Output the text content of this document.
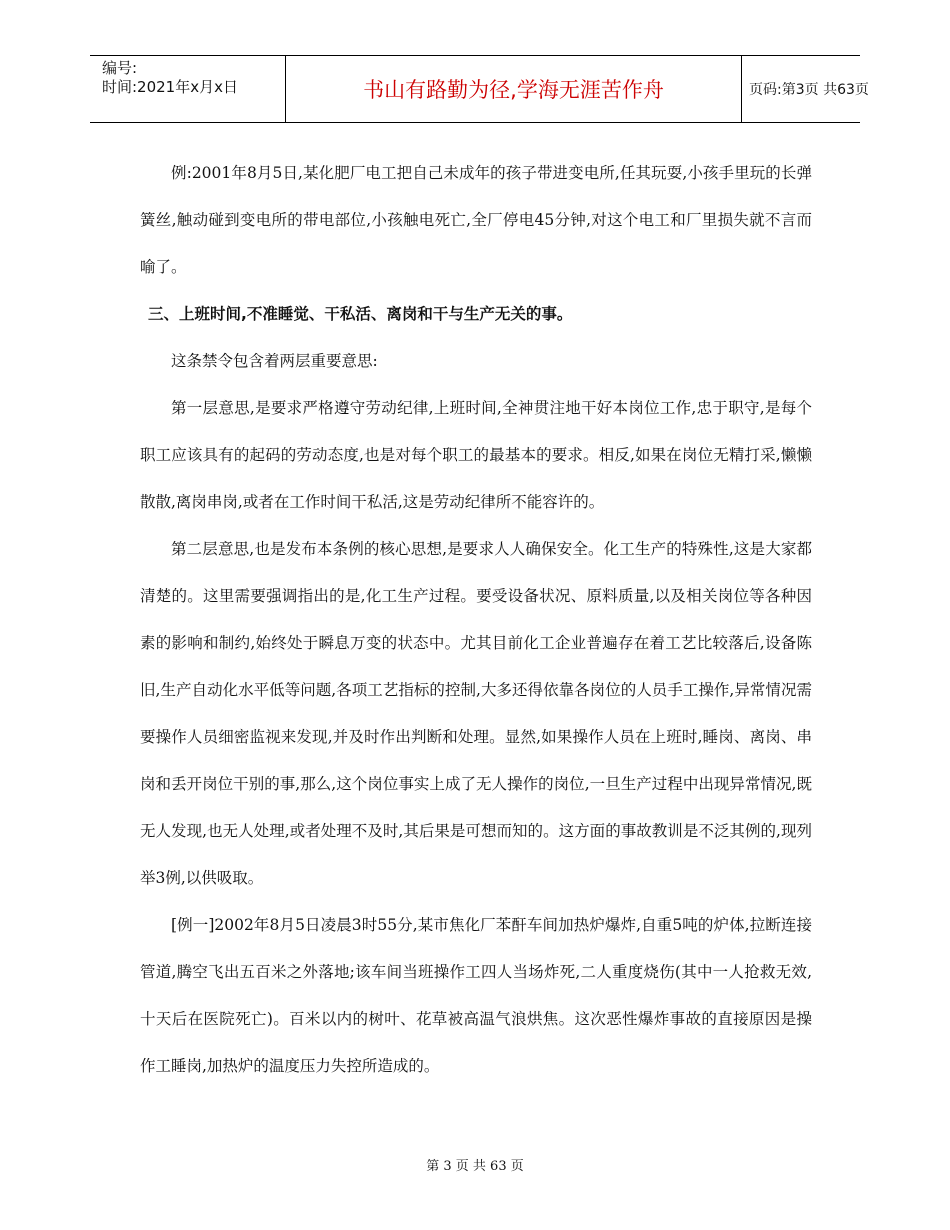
编号:
时间:2021年x月x日	书山有路勤为径,学海无涯苦作舟	页码:第3页 共63页

例:2001年8月5日,某化肥厂电工把自己未成年的孩子带进变电所,任其玩耍,小孩手里玩的长弹簧丝,触动碰到变电所的带电部位,小孩触电死亡,全厂停电45分钟,对这个电工和厂里损失就不言而喻了。

三、上班时间,不准睡觉、干私活、离岗和干与生产无关的事。

这条禁令包含着两层重要意思:

第一层意思,是要求严格遵守劳动纪律,上班时间,全神贯注地干好本岗位工作,忠于职守,是每个职工应该具有的起码的劳动态度,也是对每个职工的最基本的要求。相反,如果在岗位无精打采,懒懒散散,离岗串岗,或者在工作时间干私活,这是劳动纪律所不能容许的。

第二层意思,也是发布本条例的核心思想,是要求人人确保安全。化工生产的特殊性,这是大家都清楚的。这里需要强调指出的是,化工生产过程。要受设备状况、原料质量,以及相关岗位等各种因素的影响和制约,始终处于瞬息万变的状态中。尤其目前化工企业普遍存在着工艺比较落后,设备陈旧,生产自动化水平低等问题,各项工艺指标的控制,大多还得依靠各岗位的人员手工操作,异常情况需要操作人员细密监视来发现,并及时作出判断和处理。显然,如果操作人员在上班时,睡岗、离岗、串岗和丢开岗位干别的事,那么,这个岗位事实上成了无人操作的岗位,一旦生产过程中出现异常情况,既无人发现,也无人处理,或者处理不及时,其后果是可想而知的。这方面的事故教训是不泛其例的,现列举3例,以供吸取。

[例一]2002年8月5日凌晨3时55分,某市焦化厂苯酐车间加热炉爆炸,自重5吨的炉体,拉断连接管道,腾空飞出五百米之外落地;该车间当班操作工四人当场炸死,二人重度烧伤(其中一人抢救无效,十天后在医院死亡)。百米以内的树叶、花草被高温气浪烘焦。这次恶性爆炸事故的直接原因是操作工睡岗,加热炉的温度压力失控所造成的。

第 3 页 共 63 页
